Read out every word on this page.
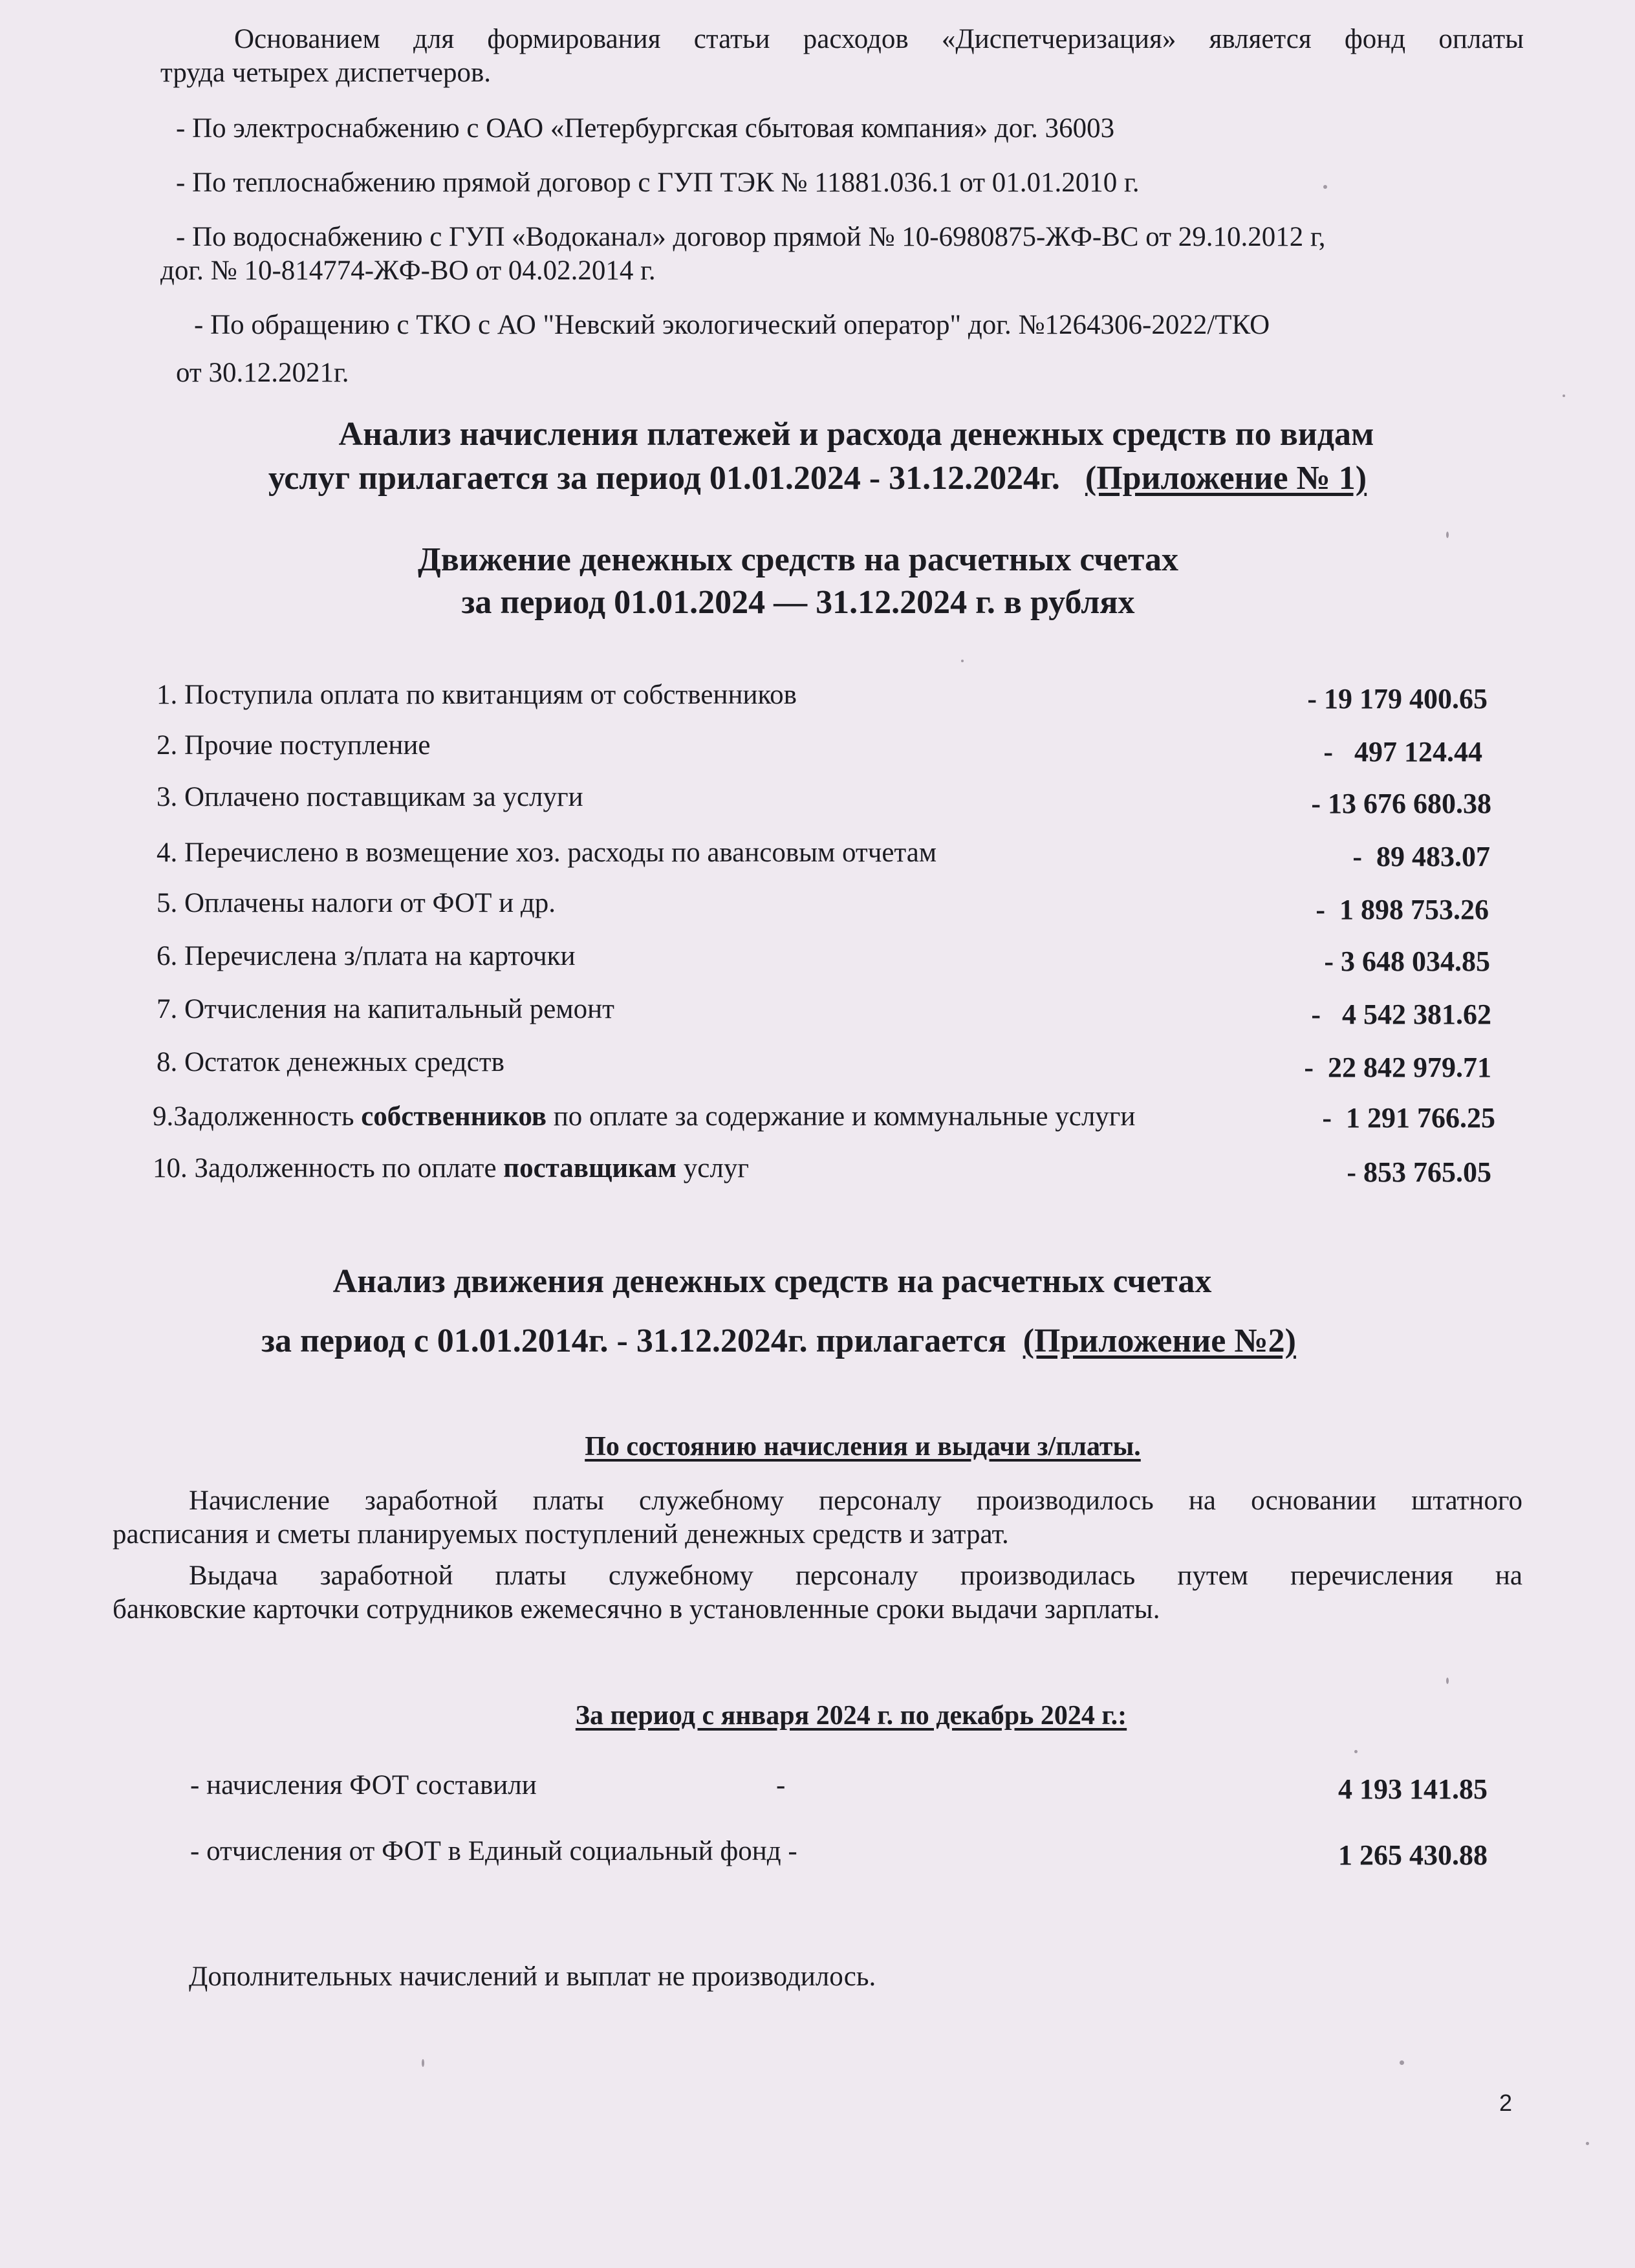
Основанием для формирования статьи расходов «Диспетчеризация» является фонд оплаты
труда четырех диспетчеров.
- По электроснабжению с ОАО «Петербургская сбытовая компания» дог. 36003
- По теплоснабжению прямой договор с ГУП ТЭК № 11881.036.1 от 01.01.2010 г.
- По водоснабжению с ГУП «Водоканал» договор прямой № 10-6980875-ЖФ-ВС от 29.10.2012 г,
дог. № 10-814774-ЖФ-ВО от 04.02.2014 г.
- По обращению с ТКО с АО "Невский экологический оператор" дог. №1264306-2022/ТКО
от 30.12.2021г.
Анализ начисления платежей и расхода денежных средств по видам
услуг прилагается за период 01.01.2024 - 31.12.2024г. (Приложение № 1)
Движение денежных средств на расчетных счетах
за период 01.01.2024 — 31.12.2024 г. в рублях
1. Поступила оплата по квитанциям от собственников	- 19 179 400.65
2. Прочие поступление	-   497 124.44
3. Оплачено поставщикам за услуги	- 13 676 680.38
4. Перечислено в возмещение хоз. расходы по авансовым отчетам	-  89 483.07
5. Оплачены налоги от ФОТ и др.	-  1 898 753.26
6. Перечислена з/плата на карточки	- 3 648 034.85
7. Отчисления на капитальный ремонт	-   4 542 381.62
8. Остаток денежных средств	-  22 842 979.71
9.Задолженность собственников по оплате за содержание и коммунальные услуги	-  1 291 766.25
10. Задолженность по оплате поставщикам услуг	- 853 765.05
Анализ движения денежных средств на расчетных счетах
за период с 01.01.2014г. - 31.12.2024г. прилагается (Приложение №2)
По состоянию начисления и выдачи з/платы.
Начисление заработной платы служебному персоналу производилось на основании штатного
расписания и сметы планируемых поступлений денежных средств и затрат.
Выдача заработной платы служебному персоналу производилась путем перечисления на
банковские карточки сотрудников ежемесячно в установленные сроки выдачи зарплаты.
За период с января 2024 г. по декабрь 2024 г.:
- начисления ФОТ составили	-	4 193 141.85
- отчисления от ФОТ в Единый социальный фонд -	1 265 430.88
Дополнительных начислений и выплат не производилось.
2
